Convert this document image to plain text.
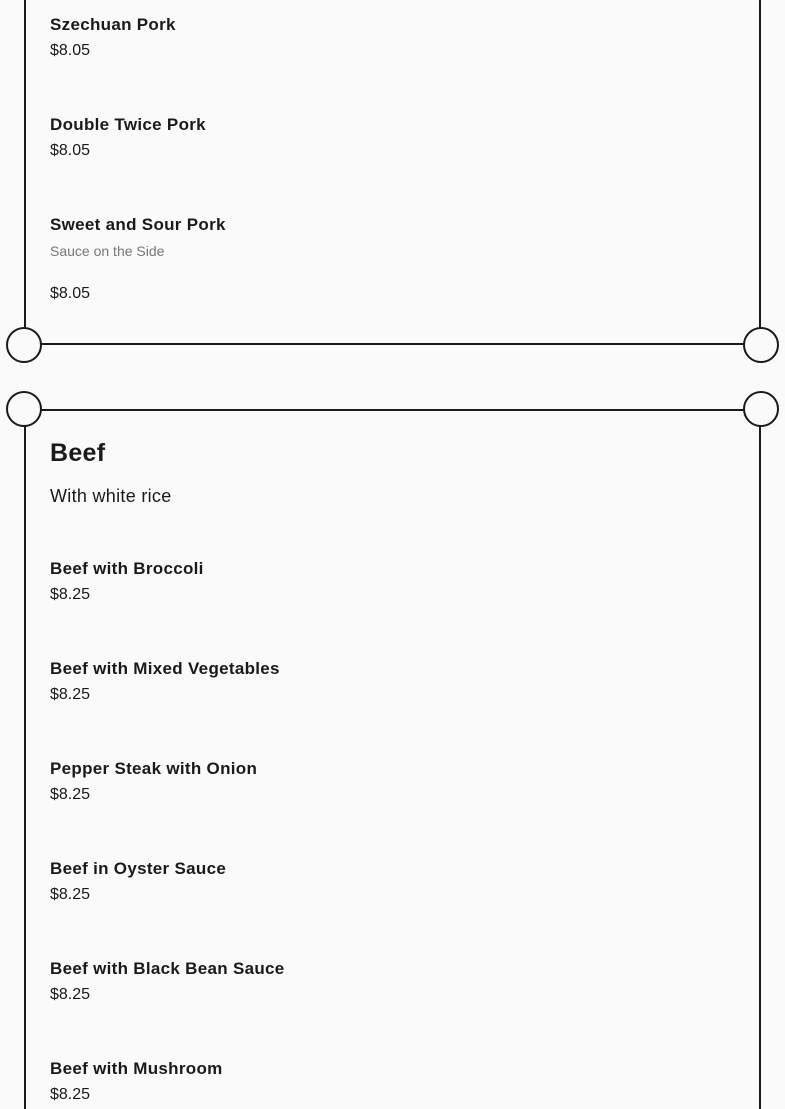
Szechuan Pork
$8.05
Double Twice Pork
$8.05
Sweet and Sour Pork
Sauce on the Side
$8.05
Beef
With white rice
Beef with Broccoli
$8.25
Beef with Mixed Vegetables
$8.25
Pepper Steak with Onion
$8.25
Beef in Oyster Sauce
$8.25
Beef with Black Bean Sauce
$8.25
Beef with Mushroom
$8.25
